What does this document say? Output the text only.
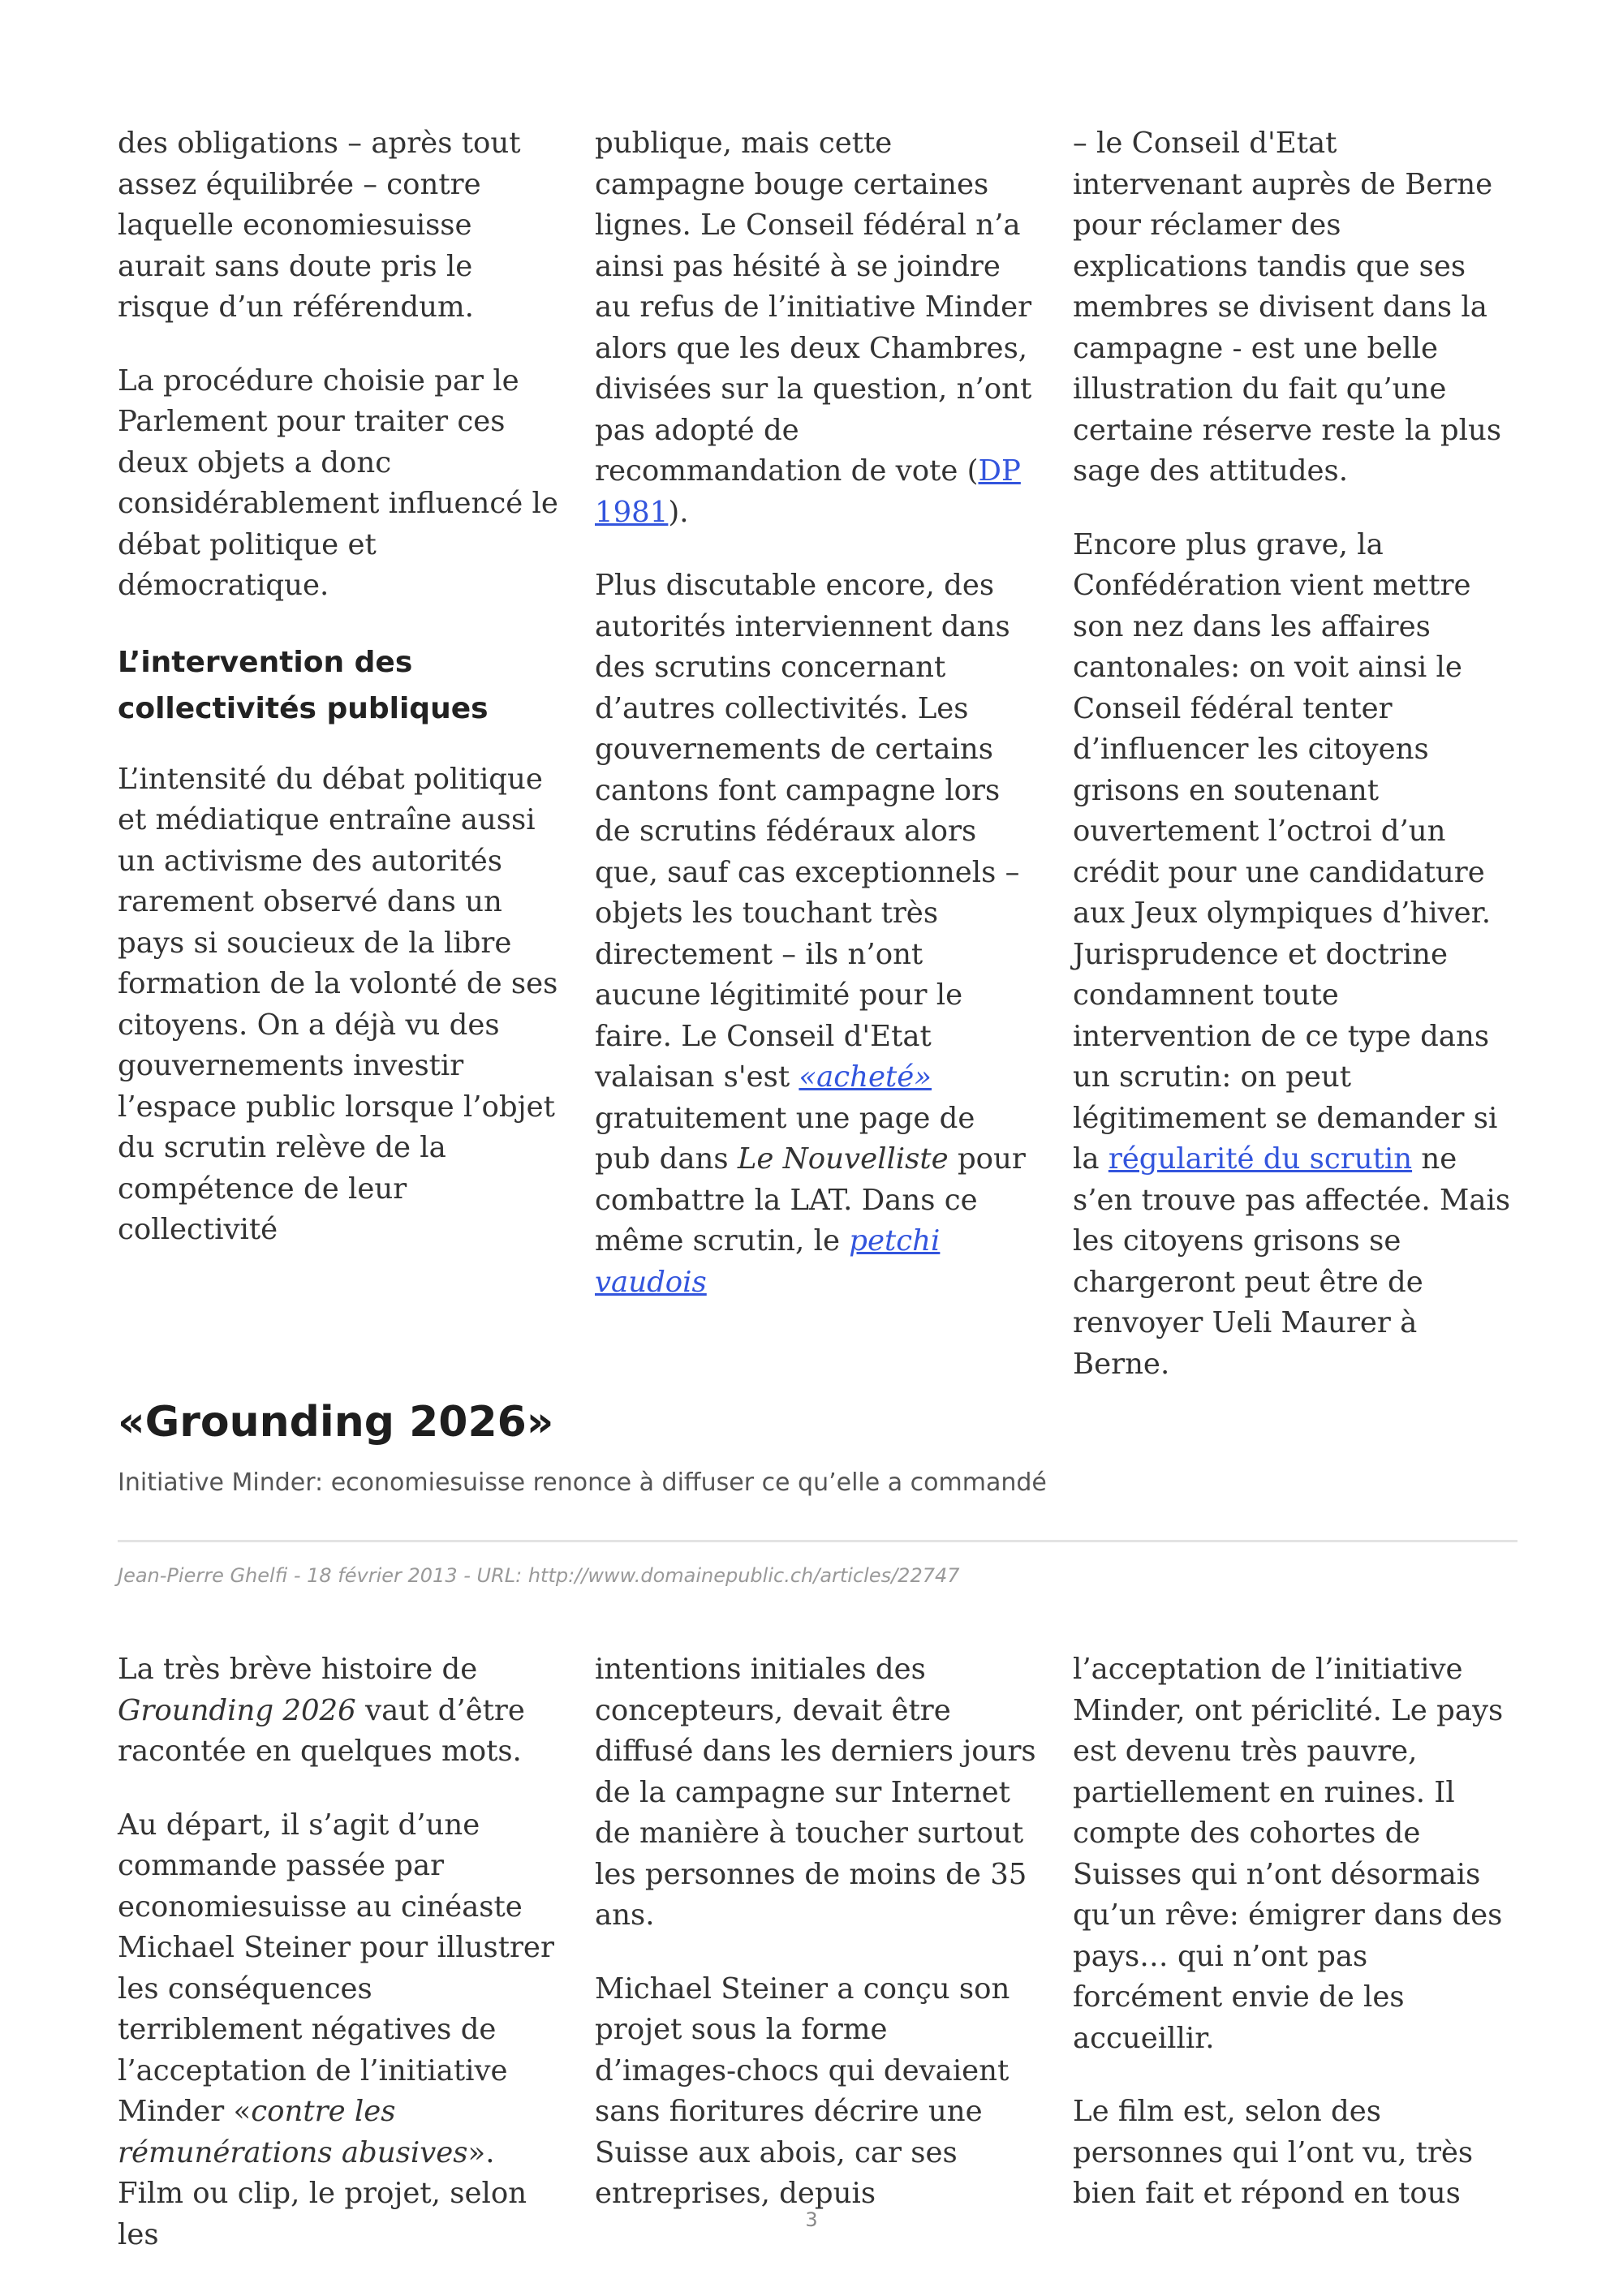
des obligations – après tout assez équilibrée – contre laquelle economiesuisse aurait sans doute pris le risque d’un référendum.

La procédure choisie par le Parlement pour traiter ces deux objets a donc considérablement influencé le débat politique et démocratique.

L’intervention des collectivités publiques

L’intensité du débat politique et médiatique entraîne aussi un activisme des autorités rarement observé dans un pays si soucieux de la libre formation de la volonté de ses citoyens. On a déjà vu des gouvernements investir l’espace public lorsque l’objet du scrutin relève de la compétence de leur collectivité

publique, mais cette campagne bouge certaines lignes. Le Conseil fédéral n’a ainsi pas hésité à se joindre au refus de l’initiative Minder alors que les deux Chambres, divisées sur la question, n’ont pas adopté de recommandation de vote (DP 1981).

Plus discutable encore, des autorités interviennent dans des scrutins concernant d’autres collectivités. Les gouvernements de certains cantons font campagne lors de scrutins fédéraux alors que, sauf cas exceptionnels – objets les touchant très directement – ils n’ont aucune légitimité pour le faire. Le Conseil d'Etat valaisan s'est «acheté» gratuitement une page de pub dans Le Nouvelliste pour combattre la LAT. Dans ce même scrutin, le petchi vaudois

– le Conseil d'Etat intervenant auprès de Berne pour réclamer des explications tandis que ses membres se divisent dans la campagne - est une belle illustration du fait qu’une certaine réserve reste la plus sage des attitudes.

Encore plus grave, la Confédération vient mettre son nez dans les affaires cantonales: on voit ainsi le Conseil fédéral tenter d’influencer les citoyens grisons en soutenant ouvertement l’octroi d’un crédit pour une candidature aux Jeux olympiques d’hiver. Jurisprudence et doctrine condamnent toute intervention de ce type dans un scrutin: on peut légitimement se demander si la régularité du scrutin ne s’en trouve pas affectée. Mais les citoyens grisons se chargeront peut être de renvoyer Ueli Maurer à Berne.

«Grounding 2026»

Initiative Minder: economiesuisse renonce à diffuser ce qu’elle a commandé

Jean-Pierre Ghelfi - 18 février 2013 - URL: http://www.domainepublic.ch/articles/22747

La très brève histoire de Grounding 2026 vaut d’être racontée en quelques mots.

Au départ, il s’agit d’une commande passée par economiesuisse au cinéaste Michael Steiner pour illustrer les conséquences terriblement négatives de l’acceptation de l’initiative Minder «contre les rémunérations abusives». Film ou clip, le projet, selon les

intentions initiales des concepteurs, devait être diffusé dans les derniers jours de la campagne sur Internet de manière à toucher surtout les personnes de moins de 35 ans.

Michael Steiner a conçu son projet sous la forme d’images-chocs qui devaient sans fioritures décrire une Suisse aux abois, car ses entreprises, depuis

l’acceptation de l’initiative Minder, ont périclité. Le pays est devenu très pauvre, partiellement en ruines. Il compte des cohortes de Suisses qui n’ont désormais qu’un rêve: émigrer dans des pays… qui n’ont pas forcément envie de les accueillir.

Le film est, selon des personnes qui l’ont vu, très bien fait et répond en tous

3
